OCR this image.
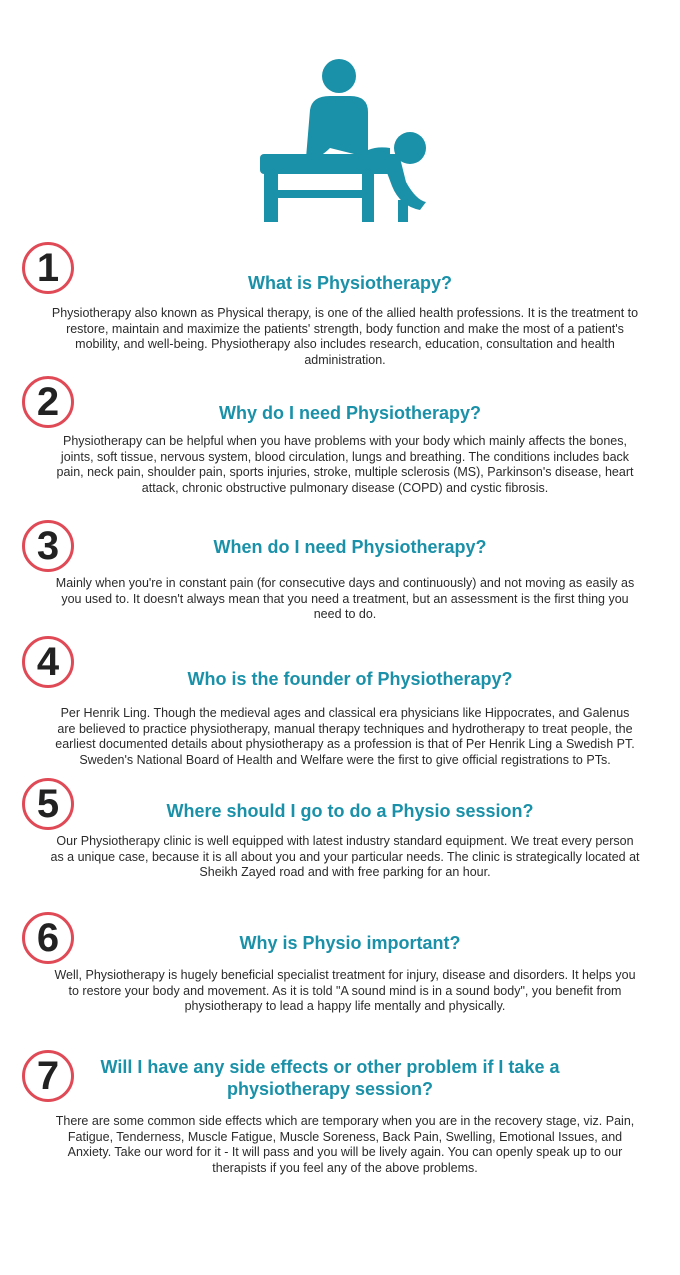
1	What is Physiotherapy?

Physiotherapy also known as Physical therapy, is one of the allied health professions. It is the treatment to restore, maintain and maximize the patients' strength, body function and make the most of a patient's mobility, and well-being. Physiotherapy also includes research, education, consultation and health administration.

2	Why do I need Physiotherapy?

Physiotherapy can be helpful when you have problems with your body which mainly affects the bones, joints, soft tissue, nervous system, blood circulation, lungs and breathing. The conditions includes back pain, neck pain, shoulder pain, sports injuries, stroke, multiple sclerosis (MS), Parkinson's disease, heart attack, chronic obstructive pulmonary disease (COPD) and cystic fibrosis.

3	When do I need Physiotherapy?

Mainly when you're in constant pain (for consecutive days and continuously) and not moving as easily as you used to. It doesn't always mean that you need a treatment, but an assessment is the first thing you need to do.

4	Who is the founder of Physiotherapy?

Per Henrik Ling. Though the medieval ages and classical era physicians like Hippocrates, and Galenus are believed to practice physiotherapy, manual therapy techniques and hydrotherapy to treat people, the earliest documented details about physiotherapy as a profession is that of Per Henrik Ling a Swedish PT. Sweden's National Board of Health and Welfare were the first to give official registrations to PTs.

5	Where should I go to do a Physio session?

Our Physiotherapy clinic is well equipped with latest industry standard equipment. We treat every person as a unique case, because it is all about you and your particular needs. The clinic is strategically located at Sheikh Zayed road and with free parking for an hour.

6	Why is Physio important?

Well, Physiotherapy is hugely beneficial specialist treatment for injury, disease and disorders. It helps you to restore your body and movement. As it is told "A sound mind is in a sound body", you benefit from physiotherapy to lead a happy life mentally and physically.

7	Will I have any side effects or other problem if I take a physiotherapy session?

There are some common side effects which are temporary when you are in the recovery stage, viz. Pain, Fatigue, Tenderness, Muscle Fatigue, Muscle Soreness, Back Pain, Swelling, Emotional Issues, and Anxiety. Take our word for it - It will pass and you will be lively again. You can openly speak up to our therapists if you feel any of the above problems.
